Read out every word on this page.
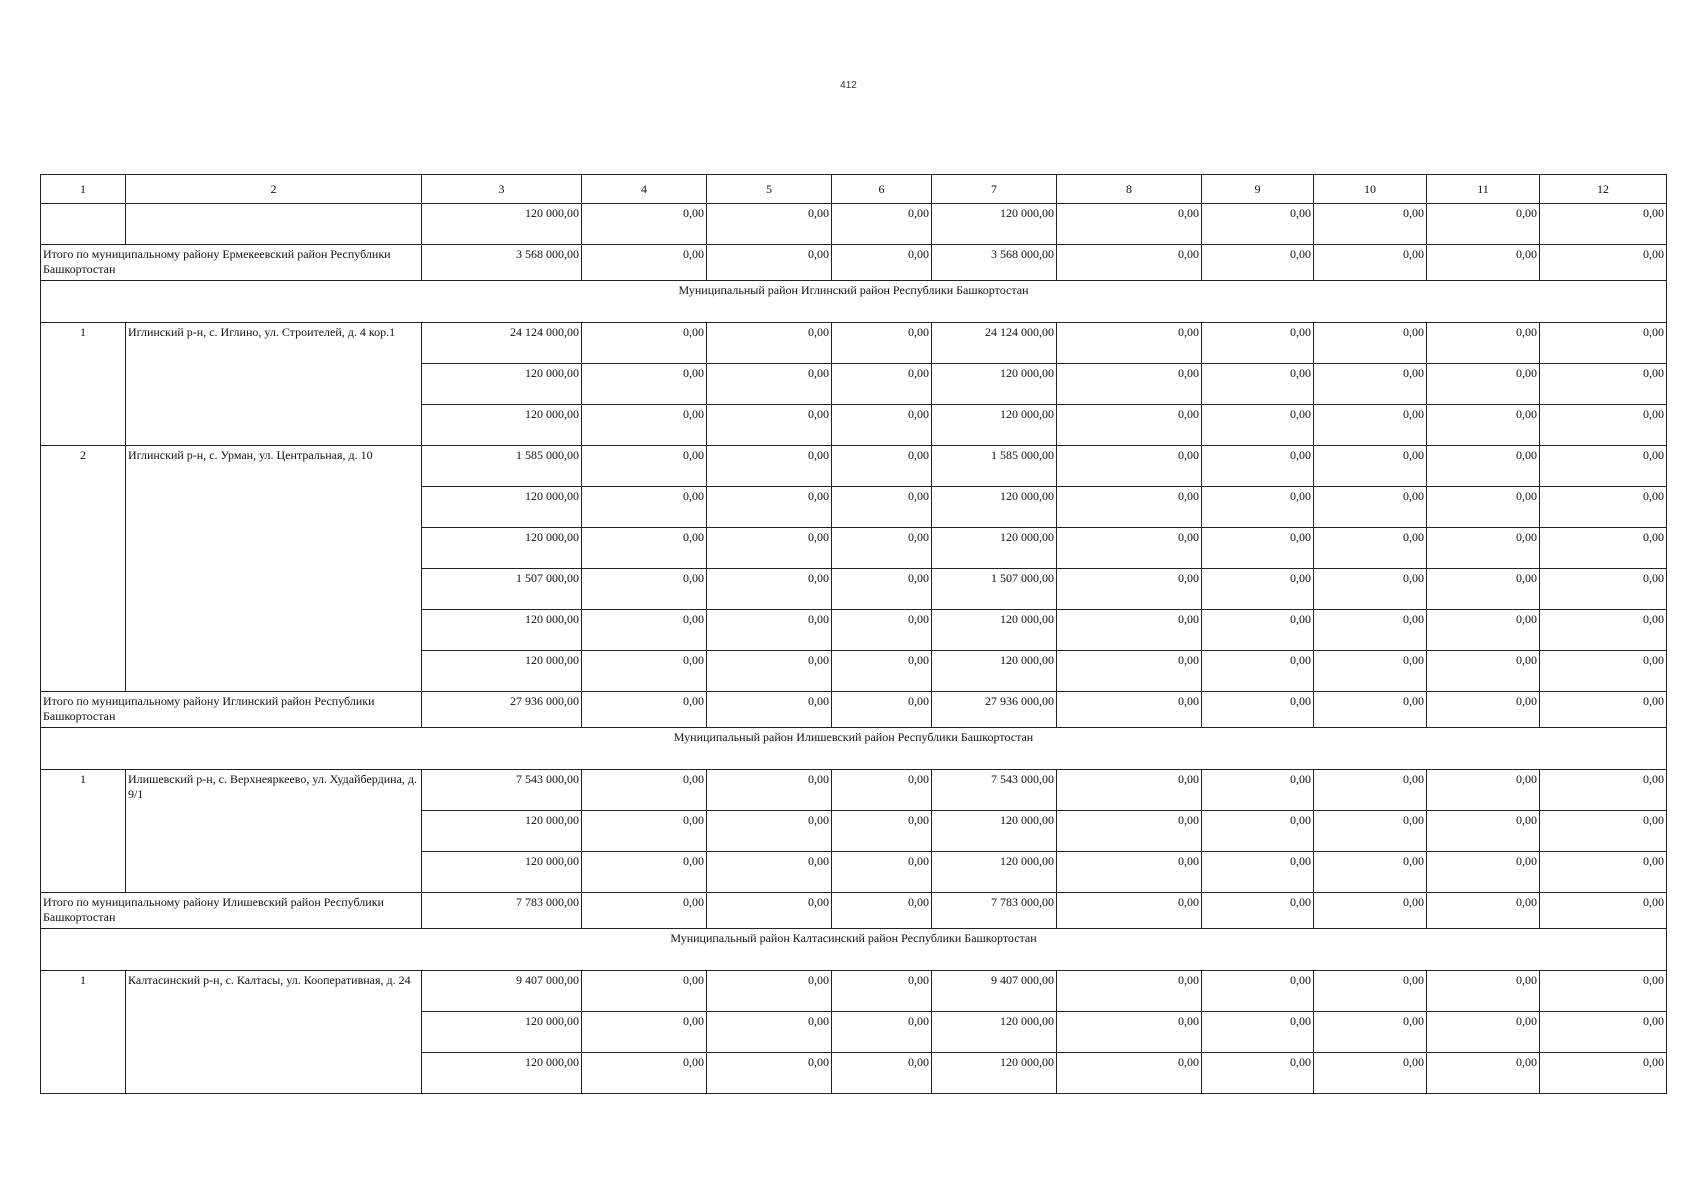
412
1	2	3	4	5	6	7	8	9	10	11	12
		120 000,00	0,00	0,00	0,00	120 000,00	0,00	0,00	0,00	0,00	0,00
Итого по муниципальному району Ермекеевский район Республики Башкортостан		3 568 000,00	0,00	0,00	0,00	3 568 000,00	0,00	0,00	0,00	0,00	0,00
Муниципальный район Иглинский район Республики Башкортостан											
1	Иглинский р-н, с. Иглино, ул. Строителей, д. 4 кор.1	24 124 000,00	0,00	0,00	0,00	24 124 000,00	0,00	0,00	0,00	0,00	0,00
		120 000,00	0,00	0,00	0,00	120 000,00	0,00	0,00	0,00	0,00	0,00
		120 000,00	0,00	0,00	0,00	120 000,00	0,00	0,00	0,00	0,00	0,00
2	Иглинский р-н, с. Урман, ул. Центральная, д. 10	1 585 000,00	0,00	0,00	0,00	1 585 000,00	0,00	0,00	0,00	0,00	0,00
		120 000,00	0,00	0,00	0,00	120 000,00	0,00	0,00	0,00	0,00	0,00
		120 000,00	0,00	0,00	0,00	120 000,00	0,00	0,00	0,00	0,00	0,00
		1 507 000,00	0,00	0,00	0,00	1 507 000,00	0,00	0,00	0,00	0,00	0,00
		120 000,00	0,00	0,00	0,00	120 000,00	0,00	0,00	0,00	0,00	0,00
		120 000,00	0,00	0,00	0,00	120 000,00	0,00	0,00	0,00	0,00	0,00
Итого по муниципальному району Иглинский район Республики Башкортостан		27 936 000,00	0,00	0,00	0,00	27 936 000,00	0,00	0,00	0,00	0,00	0,00
Муниципальный район Илишевский район Республики Башкортостан											
1	Илишевский р-н, с. Верхнеяркеево, ул. Худайбердина, д. 9/1	7 543 000,00	0,00	0,00	0,00	7 543 000,00	0,00	0,00	0,00	0,00	0,00
		120 000,00	0,00	0,00	0,00	120 000,00	0,00	0,00	0,00	0,00	0,00
		120 000,00	0,00	0,00	0,00	120 000,00	0,00	0,00	0,00	0,00	0,00
Итого по муниципальному району Илишевский район Республики Башкортостан		7 783 000,00	0,00	0,00	0,00	7 783 000,00	0,00	0,00	0,00	0,00	0,00
Муниципальный район Калтасинский район Республики Башкортостан											
1	Калтасинский р-н, с. Калтасы, ул. Кооперативная, д. 24	9 407 000,00	0,00	0,00	0,00	9 407 000,00	0,00	0,00	0,00	0,00	0,00
		120 000,00	0,00	0,00	0,00	120 000,00	0,00	0,00	0,00	0,00	0,00
		120 000,00	0,00	0,00	0,00	120 000,00	0,00	0,00	0,00	0,00	0,00
